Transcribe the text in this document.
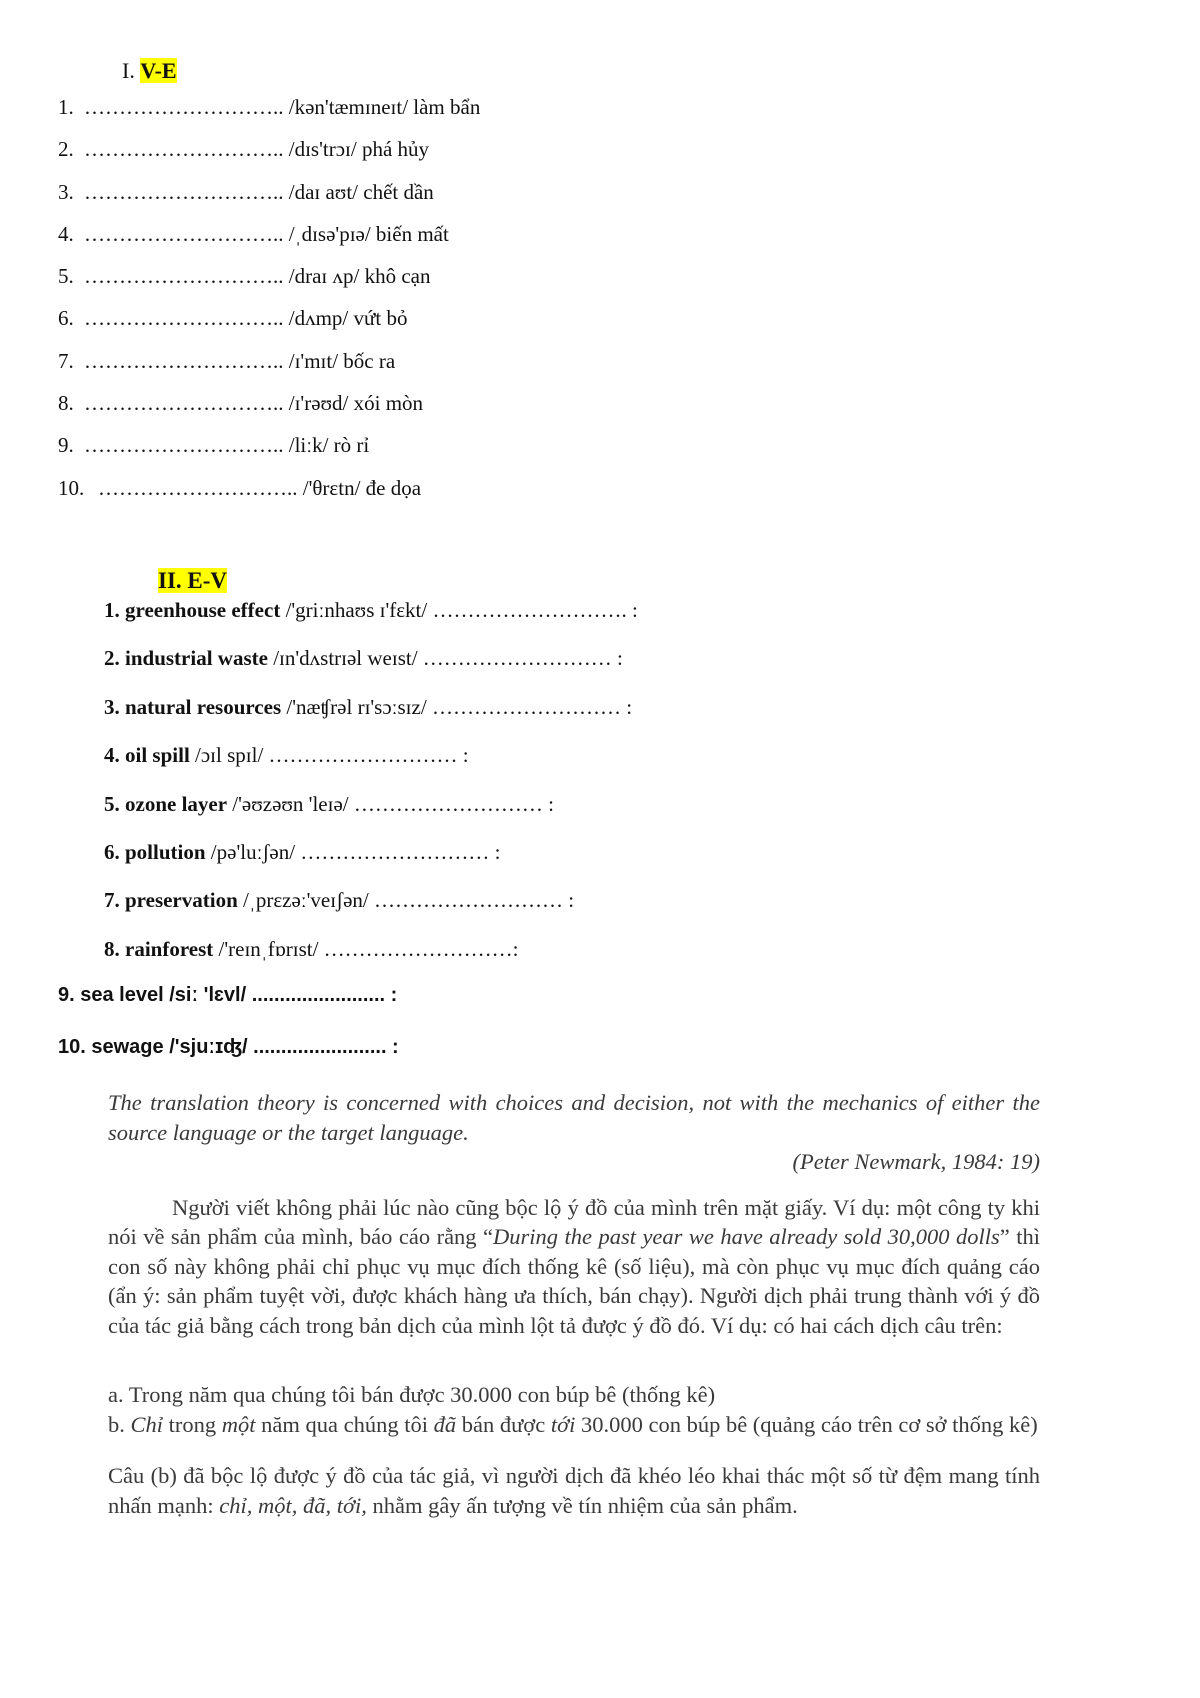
I. V-E
1. ……………………….. /kən'tæmɪneɪt/ làm bẩn
2. ……………………….. /dɪs'trɔɪ/ phá hủy
3. ……………………….. /daɪ aʊt/ chết dần
4. ……………………….. /ˌdɪsə'pɪə/ biến mất
5. ……………………….. /draɪ ʌp/ khô cạn
6. ……………………….. /dʌmp/ vứt bỏ
7. ……………………….. /ɪ'mɪt/ bốc ra
8. ……………………….. /ɪ'rəʊd/ xói mòn
9. ……………………….. /liːk/ rò rỉ
10. ……………………….. /'θrɛtn/ đe dọa
II. E-V
1. greenhouse effect /'griːnhaʊs ɪ'fɛkt/ ………………………. :
2. industrial waste /ɪn'dʌstrɪəl weɪst/ ……………………… :
3. natural resources /'næʧrəl rɪ'sɔːsɪz/ ……………………… :
4. oil spill /ɔɪl spɪl/ ……………………… :
5. ozone layer /'əʊzəʊn 'leɪə/ ……………………… :
6. pollution /pə'luːʃən/ ……………………… :
7. preservation /ˌprɛzəː'veɪʃən/ ……………………… :
8. rainforest /'reɪnˌfɒrɪst/ ………………………:
9. sea level /siː 'lɛvl/ ........................ :
10. sewage /'sjuːɪʤ/ ........................ :

The translation theory is concerned with choices and decision, not with the mechanics of either the source language or the target language.

(Peter Newmark, 1984: 19)

Người viết không phải lúc nào cũng bộc lộ ý đồ của mình trên mặt giấy. Ví dụ: một công ty khi nói về sản phẩm của mình, báo cáo rằng “During the past year we have already sold 30,000 dolls” thì con số này không phải chỉ phục vụ mục đích thống kê (số liệu), mà còn phục vụ mục đích quảng cáo (ẩn ý: sản phẩm tuyệt vời, được khách hàng ưa thích, bán chạy). Người dịch phải trung thành với ý đồ của tác giả bằng cách trong bản dịch của mình lột tả được ý đồ đó. Ví dụ: có hai cách dịch câu trên:

a. Trong năm qua chúng tôi bán được 30.000 con búp bê (thống kê)

b. Chỉ trong một năm qua chúng tôi đã bán được tới 30.000 con búp bê (quảng cáo trên cơ sở thống kê)

Câu (b) đã bộc lộ được ý đồ của tác giả, vì người dịch đã khéo léo khai thác một số từ đệm mang tính nhấn mạnh: chỉ, một, đã, tới, nhằm gây ấn tượng về tín nhiệm của sản phẩm.
